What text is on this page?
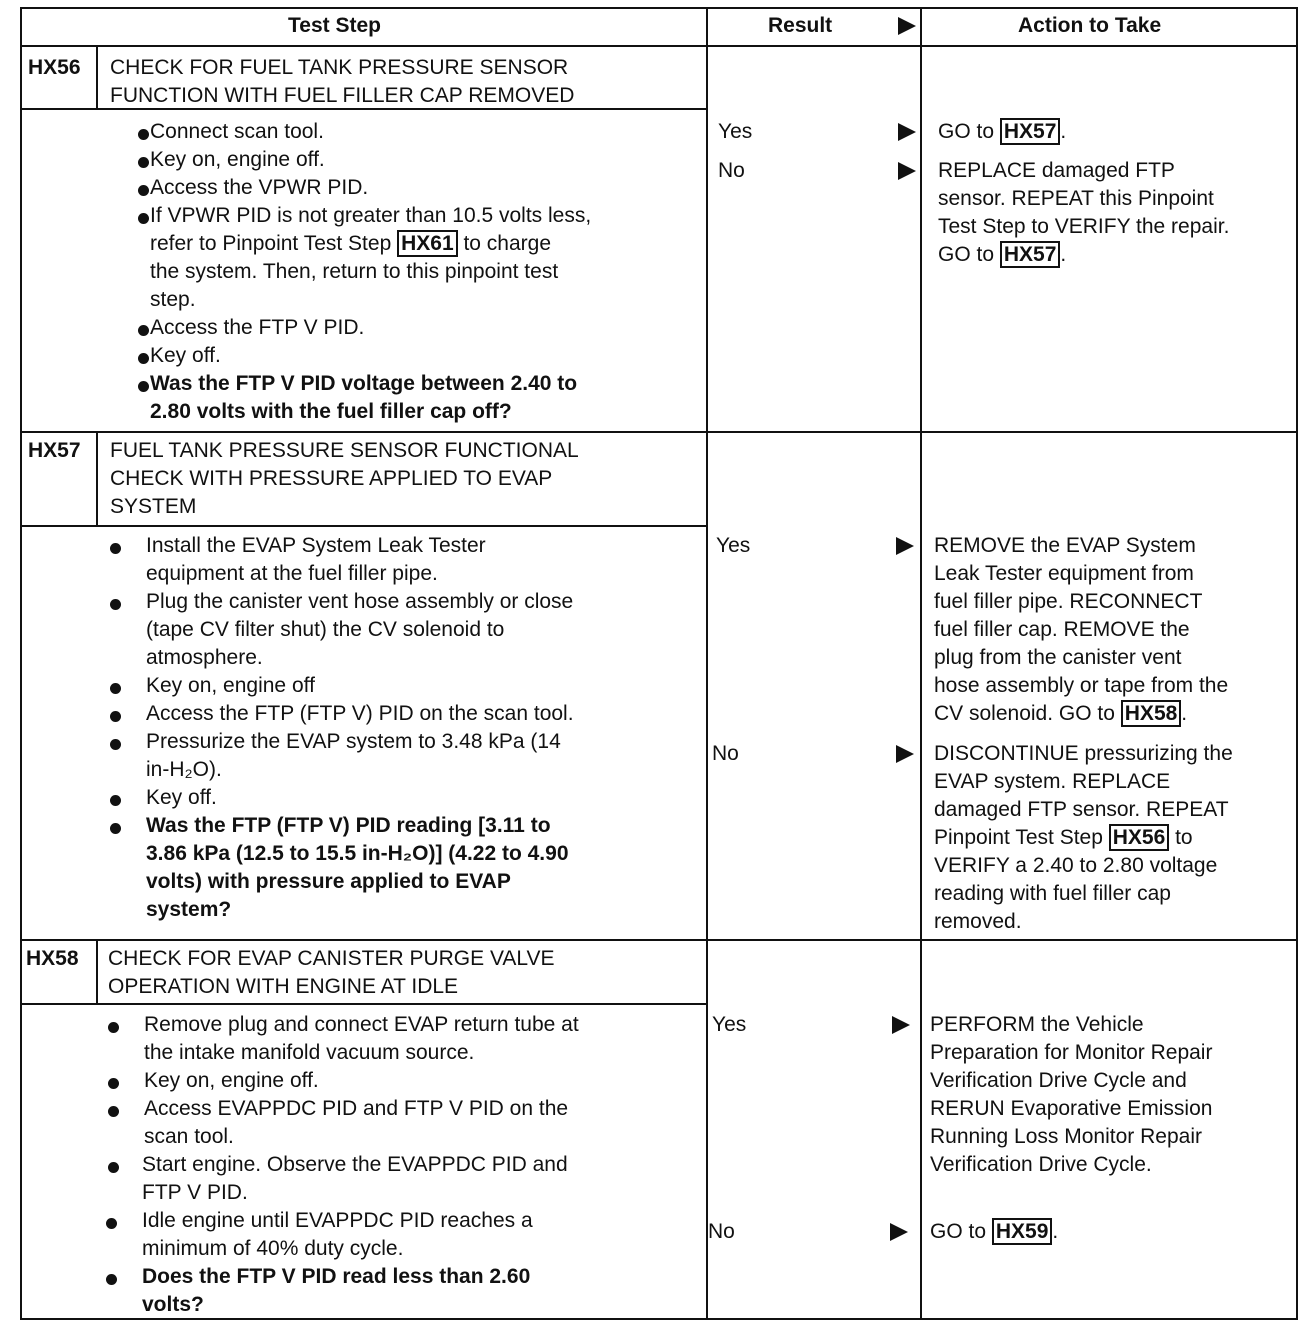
Test Step	Result	Action to Take
HX56 CHECK FOR FUEL TANK PRESSURE SENSOR
FUNCTION WITH FUEL FILLER CAP REMOVED
Connect scan tool.
Key on, engine off.
Access the VPWR PID.
If VPWR PID is not greater than 10.5 volts less,
refer to Pinpoint Test Step HX61 to charge
the system. Then, return to this pinpoint test
step.
Access the FTP V PID.
Key off.
Was the FTP V PID voltage between 2.40 to
2.80 volts with the fuel filler cap off?
Yes
No
GO to HX57 .
REPLACE damaged FTP
sensor. REPEAT this Pinpoint
Test Step to VERIFY the repair.
GO to HX57 .
HX57 FUEL TANK PRESSURE SENSOR FUNCTIONAL
CHECK WITH PRESSURE APPLIED TO EVAP
SYSTEM
Install the EVAP System Leak Tester
equipment at the fuel filler pipe.
Plug the canister vent hose assembly or close
(tape CV filter shut) the CV solenoid to
atmosphere.
Key on, engine off
Access the FTP (FTP V) PID on the scan tool.
Pressurize the EVAP system to 3.48 kPa (14
in-H₂O).
Key off.
Was the FTP (FTP V) PID reading [3.11 to
3.86 kPa (12.5 to 15.5 in-H₂O)] (4.22 to 4.90
volts) with pressure applied to EVAP
system?
Yes
No
REMOVE the EVAP System
Leak Tester equipment from
fuel filler pipe. RECONNECT
fuel filler cap. REMOVE the
plug from the canister vent
hose assembly or tape from the
CV solenoid. GO to HX58 .
DISCONTINUE pressurizing the
EVAP system. REPLACE
damaged FTP sensor. REPEAT
Pinpoint Test Step HX56 to
VERIFY a 2.40 to 2.80 voltage
reading with fuel filler cap
removed.
HX58 CHECK FOR EVAP CANISTER PURGE VALVE
OPERATION WITH ENGINE AT IDLE
Remove plug and connect EVAP return tube at
the intake manifold vacuum source.
Key on, engine off.
Access EVAPPDC PID and FTP V PID on the
scan tool.
Start engine. Observe the EVAPPDC PID and
FTP V PID.
Idle engine until EVAPPDC PID reaches a
minimum of 40% duty cycle.
Does the FTP V PID read less than 2.60
volts?
Yes
No
PERFORM the Vehicle
Preparation for Monitor Repair
Verification Drive Cycle and
RERUN Evaporative Emission
Running Loss Monitor Repair
Verification Drive Cycle.
GO to HX59 .
